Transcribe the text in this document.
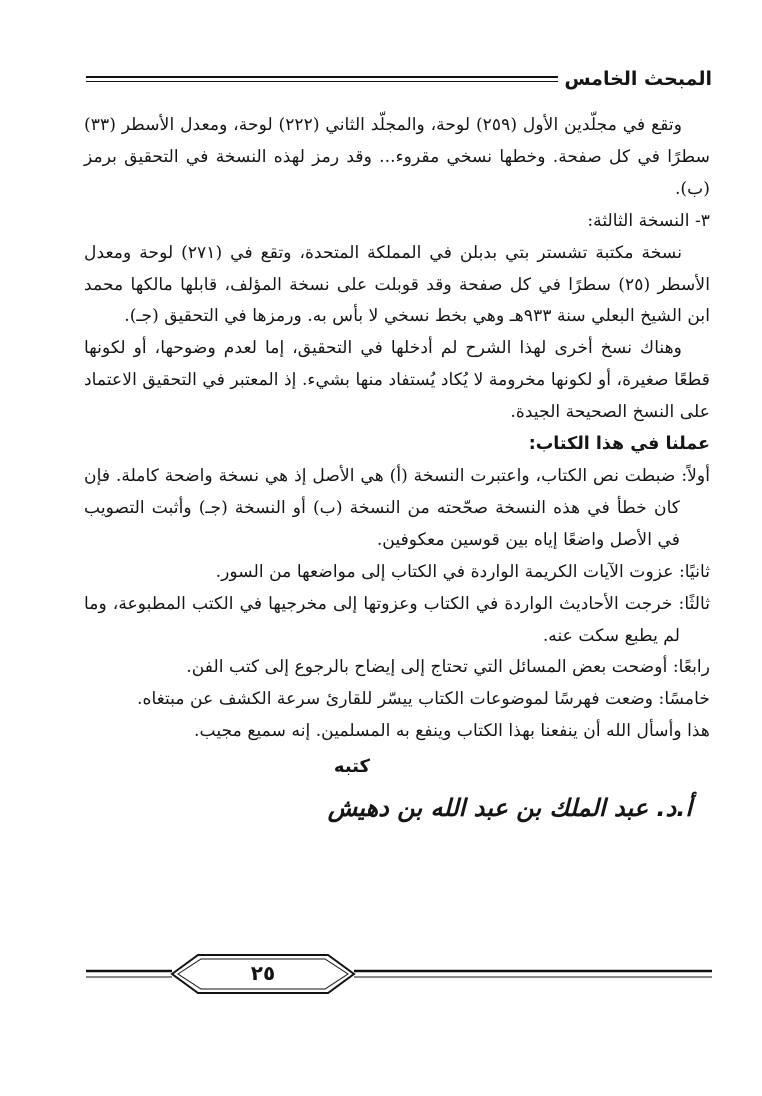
المبحث الخامس

وتقع في مجلّدين الأول (٢٥٩) لوحة، والمجلّد الثاني (٢٢٢) لوحة، ومعدل الأسطر (٣٣) سطرًا في كل صفحة. وخطها نسخي مقروء... وقد رمز لهذه النسخة في التحقيق برمز (ب).

٣- النسخة الثالثة:

نسخة مكتبة تشستر بتي بدبلن في المملكة المتحدة، وتقع في (٢٧١) لوحة ومعدل الأسطر (٢٥) سطرًا في كل صفحة وقد قوبلت على نسخة المؤلف، قابلها مالكها محمد ابن الشيخ البعلي سنة ٩٣٣هـ وهي بخط نسخي لا بأس به. ورمزها في التحقيق (جـ).

وهناك نسخ أخرى لهذا الشرح لم أدخلها في التحقيق، إما لعدم وضوحها، أو لكونها قطعًا صغيرة، أو لكونها مخرومة لا يُكاد يُستفاد منها بشيء. إذ المعتبر في التحقيق الاعتماد على النسخ الصحيحة الجيدة.

عملنا في هذا الكتاب:

أولاً: ضبطت نص الكتاب، واعتبرت النسخة (أ) هي الأصل إذ هي نسخة واضحة كاملة. فإن كان خطأ في هذه النسخة صحّحته من النسخة (ب) أو النسخة (جـ) وأثبت التصويب في الأصل واضعًا إياه بين قوسين معكوفين.

ثانيًا: عزوت الآيات الكريمة الواردة في الكتاب إلى مواضعها من السور.

ثالثًا: خرجت الأحاديث الواردة في الكتاب وعزوتها إلى مخرجيها في الكتب المطبوعة، وما لم يطبع سكت عنه.

رابعًا: أوضحت بعض المسائل التي تحتاج إلى إيضاح بالرجوع إلى كتب الفن.

خامسًا: وضعت فهرسًا لموضوعات الكتاب ييسّر للقارئ سرعة الكشف عن مبتغاه.

هذا وأسأل الله أن ينفعنا بهذا الكتاب وينفع به المسلمين. إنه سميع مجيب.

كتبه
أ.د. عبد الملك بن عبد الله بن دهيش
٢٥
